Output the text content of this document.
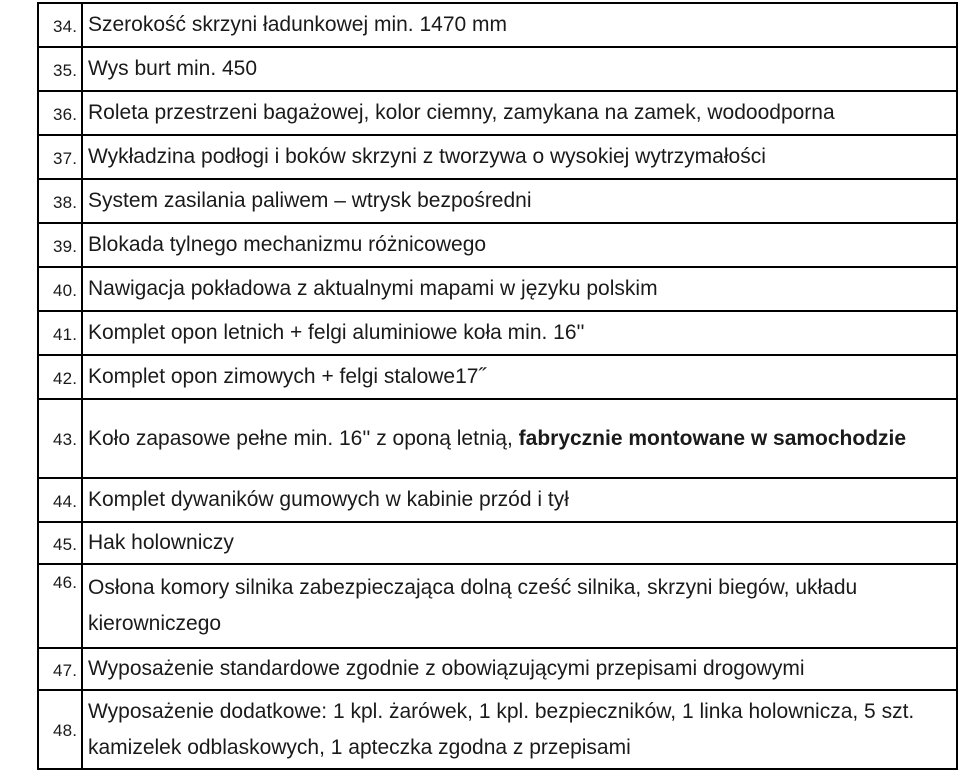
34.	Szerokość skrzyni ładunkowej min. 1470 mm
35.	Wys burt min. 450
36.	Roleta przestrzeni bagażowej, kolor ciemny, zamykana na zamek, wodoodporna
37.	Wykładzina podłogi i boków skrzyni z tworzywa o wysokiej wytrzymałości
38.	System zasilania paliwem – wtrysk bezpośredni
39.	Blokada tylnego mechanizmu różnicowego
40.	Nawigacja pokładowa z aktualnymi mapami w języku polskim
41.	Komplet opon letnich + felgi aluminiowe koła min. 16''
42.	Komplet opon zimowych + felgi stalowe17˝
43.	Koło zapasowe pełne min. 16'' z oponą letnią, fabrycznie montowane w samochodzie
44.	Komplet dywaników gumowych w kabinie przód i tył
45.	Hak holowniczy
46.	Osłona komory silnika zabezpieczająca dolną cześć silnika, skrzyni biegów, układu kierowniczego
47.	Wyposażenie standardowe zgodnie z obowiązującymi przepisami drogowymi
48.	Wyposażenie dodatkowe: 1 kpl. żarówek, 1 kpl. bezpieczników, 1 linka holownicza, 5 szt. kamizelek odblaskowych, 1 apteczka zgodna z przepisami
